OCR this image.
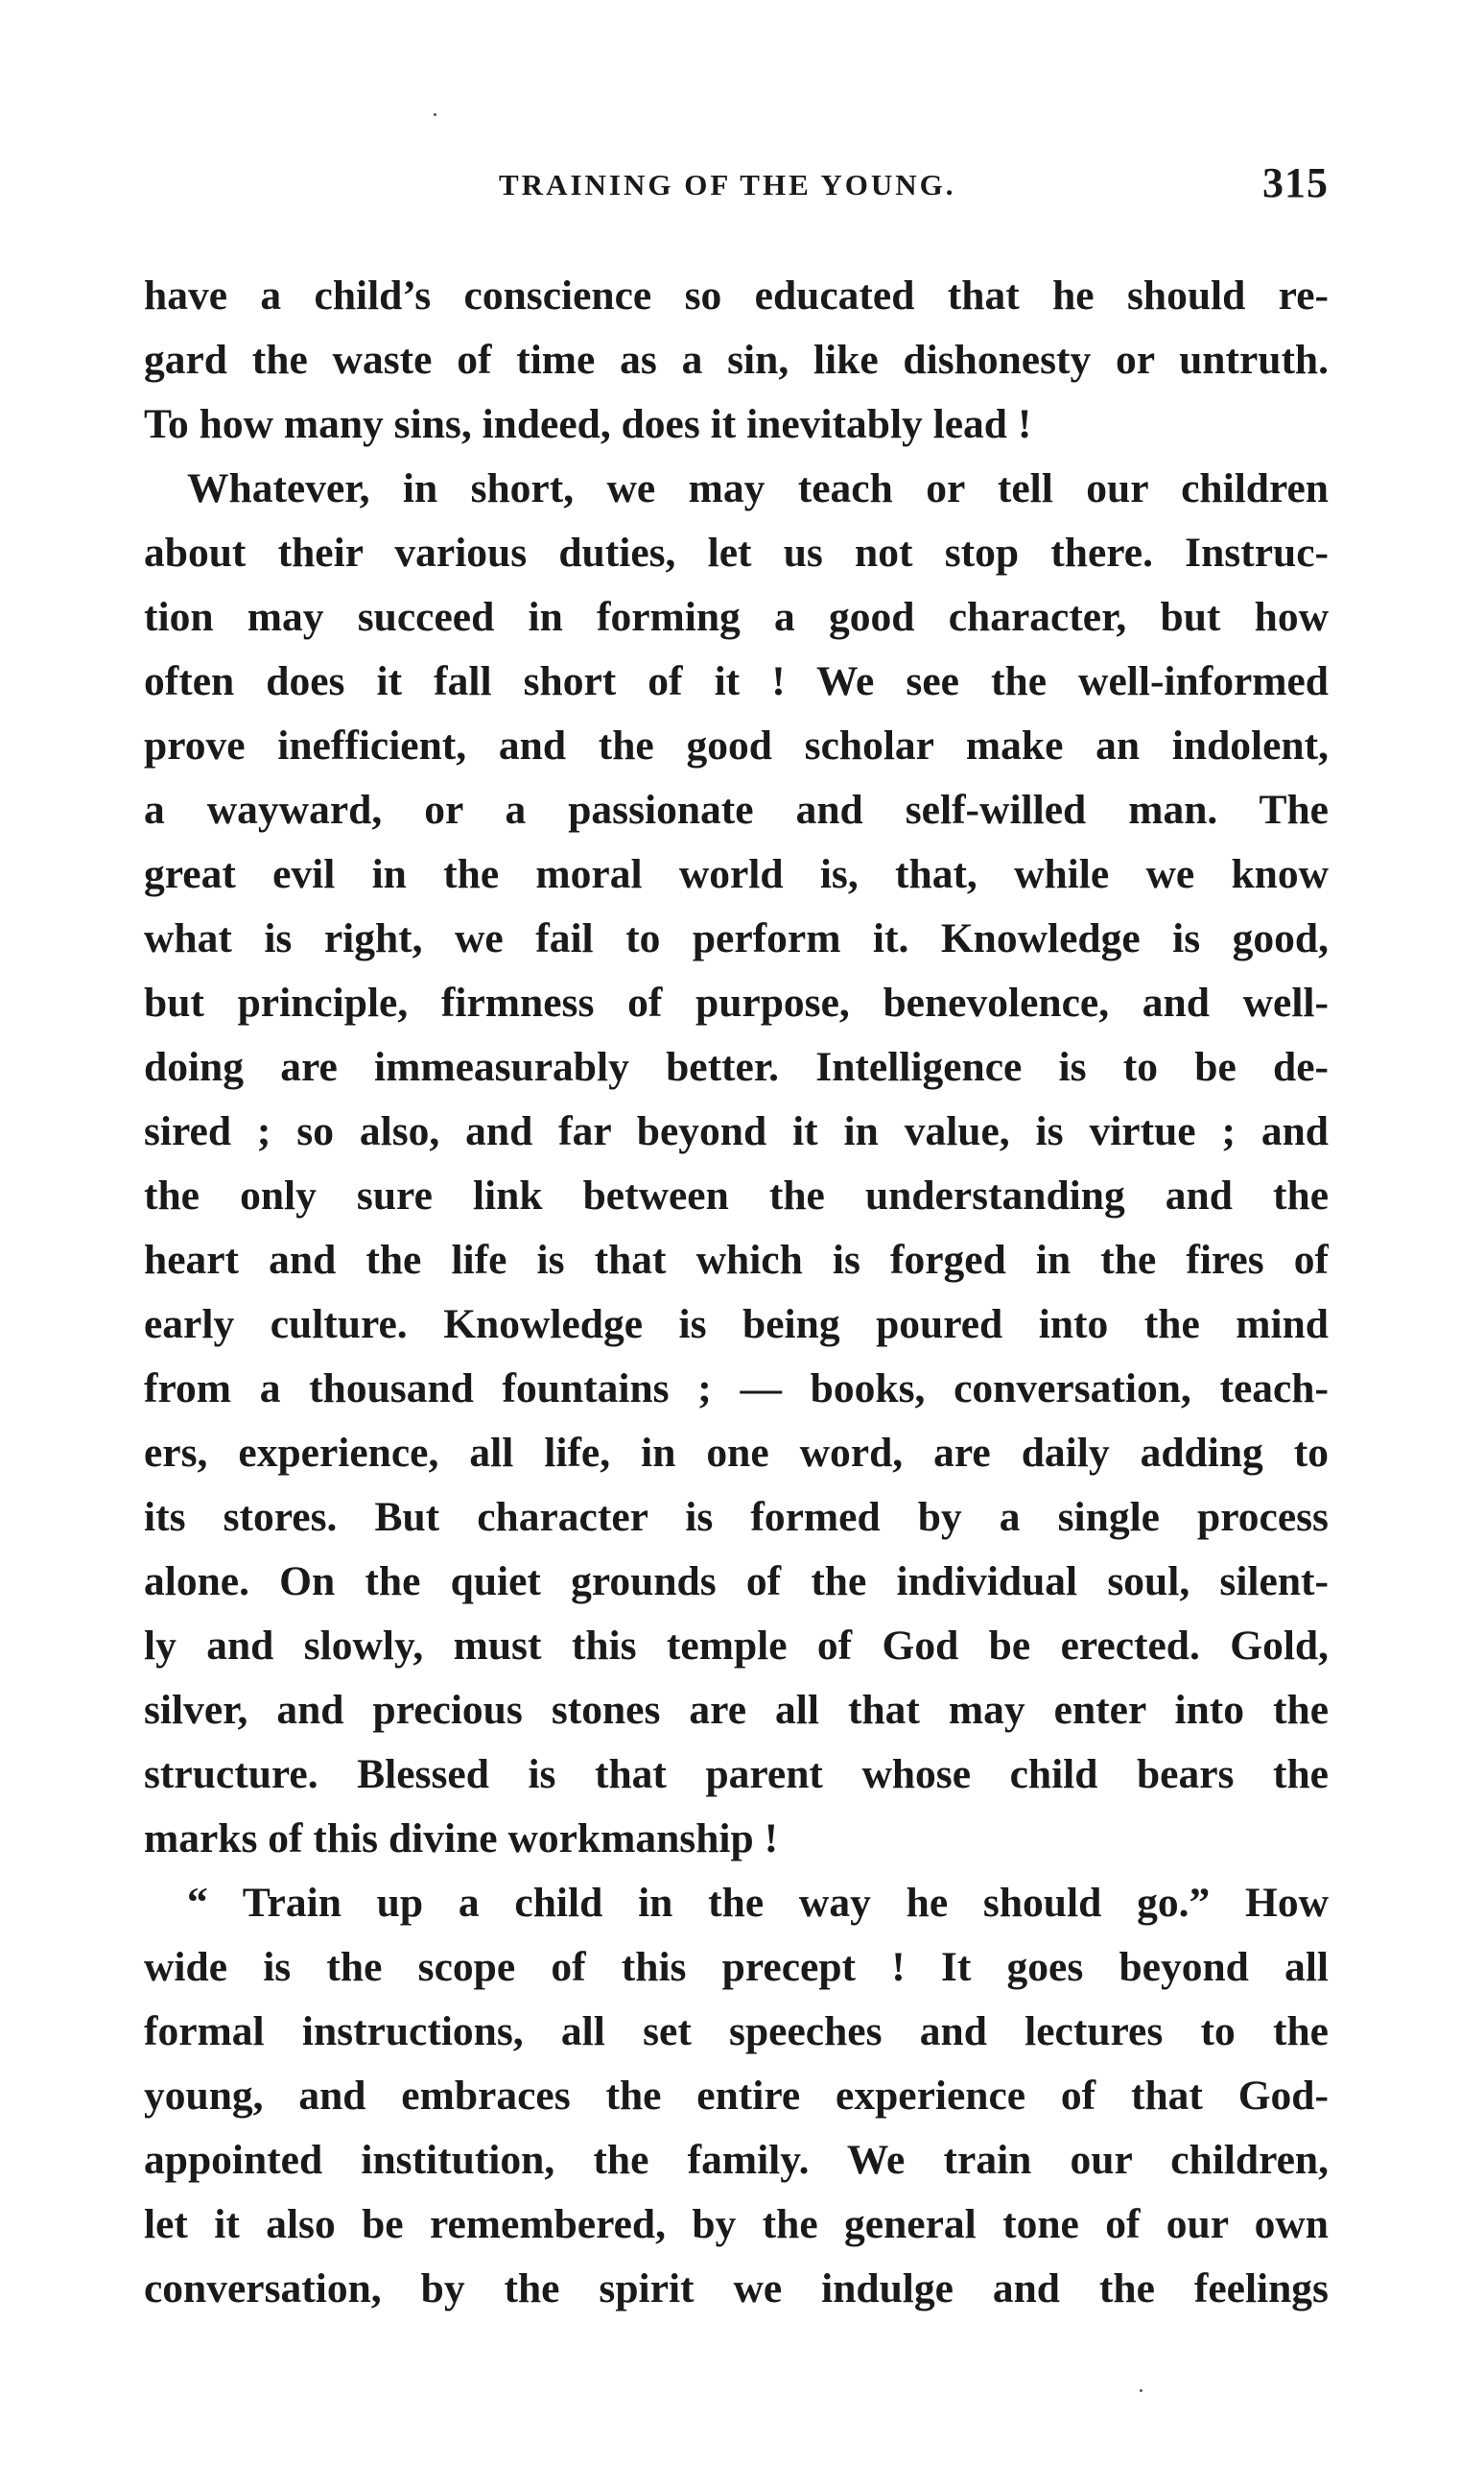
TRAINING OF THE YOUNG.	315
have a child’s conscience so educated that he should re-
gard the waste of time as a sin, like dishonesty or untruth.
To how many sins, indeed, does it inevitably lead !
Whatever, in short, we may teach or tell our children
about their various duties, let us not stop there. Instruc-
tion may succeed in forming a good character, but how
often does it fall short of it ! We see the well-informed
prove inefficient, and the good scholar make an indolent,
a wayward, or a passionate and self-willed man. The
great evil in the moral world is, that, while we know
what is right, we fail to perform it. Knowledge is good,
but principle, firmness of purpose, benevolence, and well-
doing are immeasurably better. Intelligence is to be de-
sired ; so also, and far beyond it in value, is virtue ; and
the only sure link between the understanding and the
heart and the life is that which is forged in the fires of
early culture. Knowledge is being poured into the mind
from a thousand fountains ; — books, conversation, teach-
ers, experience, all life, in one word, are daily adding to
its stores. But character is formed by a single process
alone. On the quiet grounds of the individual soul, silent-
ly and slowly, must this temple of God be erected. Gold,
silver, and precious stones are all that may enter into the
structure. Blessed is that parent whose child bears the
marks of this divine workmanship !
“ Train up a child in the way he should go.” How
wide is the scope of this precept ! It goes beyond all
formal instructions, all set speeches and lectures to the
young, and embraces the entire experience of that God-
appointed institution, the family. We train our children,
let it also be remembered, by the general tone of our own
conversation, by the spirit we indulge and the feelings
